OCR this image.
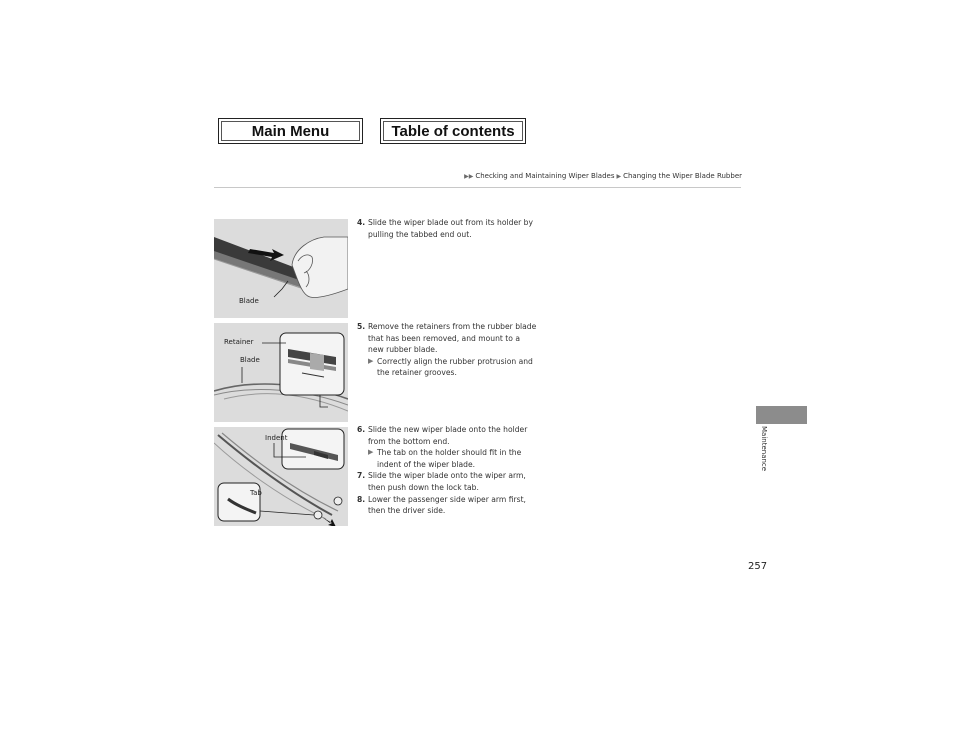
Main Menu	Table of contents
▶▶ Checking and Maintaining Wiper Blades ▶ Changing the Wiper Blade Rubber
Blade
Retainer
Blade
Indent
Tab
4. Slide the wiper blade out from its holder by pulling the tabbed end out.
5. Remove the retainers from the rubber blade that has been removed, and mount to a new rubber blade.
▶ Correctly align the rubber protrusion and the retainer grooves.
6. Slide the new wiper blade onto the holder from the bottom end.
▶ The tab on the holder should fit in the indent of the wiper blade.
7. Slide the wiper blade onto the wiper arm, then push down the lock tab.
8. Lower the passenger side wiper arm first, then the driver side.
Maintenance
257
